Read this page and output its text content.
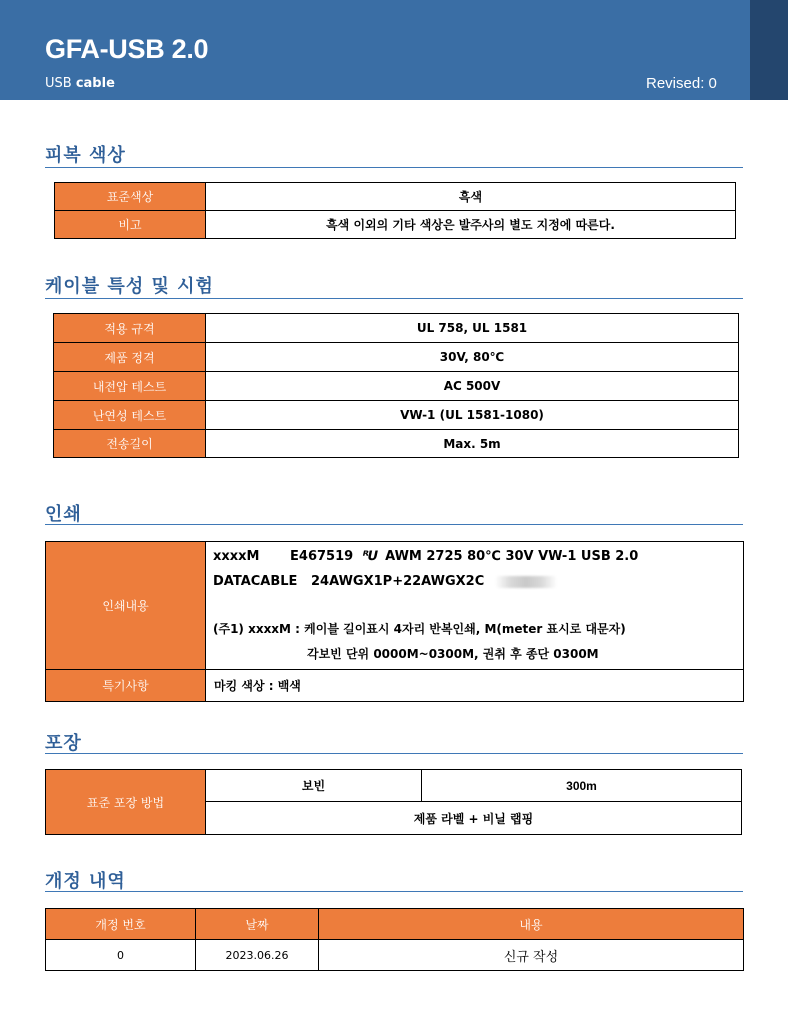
GFA-USB 2.0
USB cable	Revised: 0
피복 색상
표준색상	흑색
비고	흑색 이외의 기타 색상은 발주사의 별도 지정에 따른다.
케이블 특성 및 시험
적용 규격	UL 758, UL 1581
제품 정격	30V, 80℃
내전압 테스트	AC 500V
난연성 테스트	VW-1 (UL 1581-1080)
전송길이	Max. 5m
인쇄
인쇄내용	xxxxM E467519 ᴿU AWM 2725 80℃ 30V VW-1 USB 2.0
DATACABLE   24AWGX1P+22AWGX2C
(주1) xxxxM : 케이블 길이표시 4자리 반복인쇄, M(meter 표시로 대문자)
각보빈 단위 0000M~0300M, 권취 후 종단 0300M

특기사항	마킹 색상 : 백색
포장
표준 포장 방법	보빈	300m
제품 라벨 + 비닐 랩핑
개정 내역
개정 번호	날짜	내용
0	2023.06.26	신규 작성
